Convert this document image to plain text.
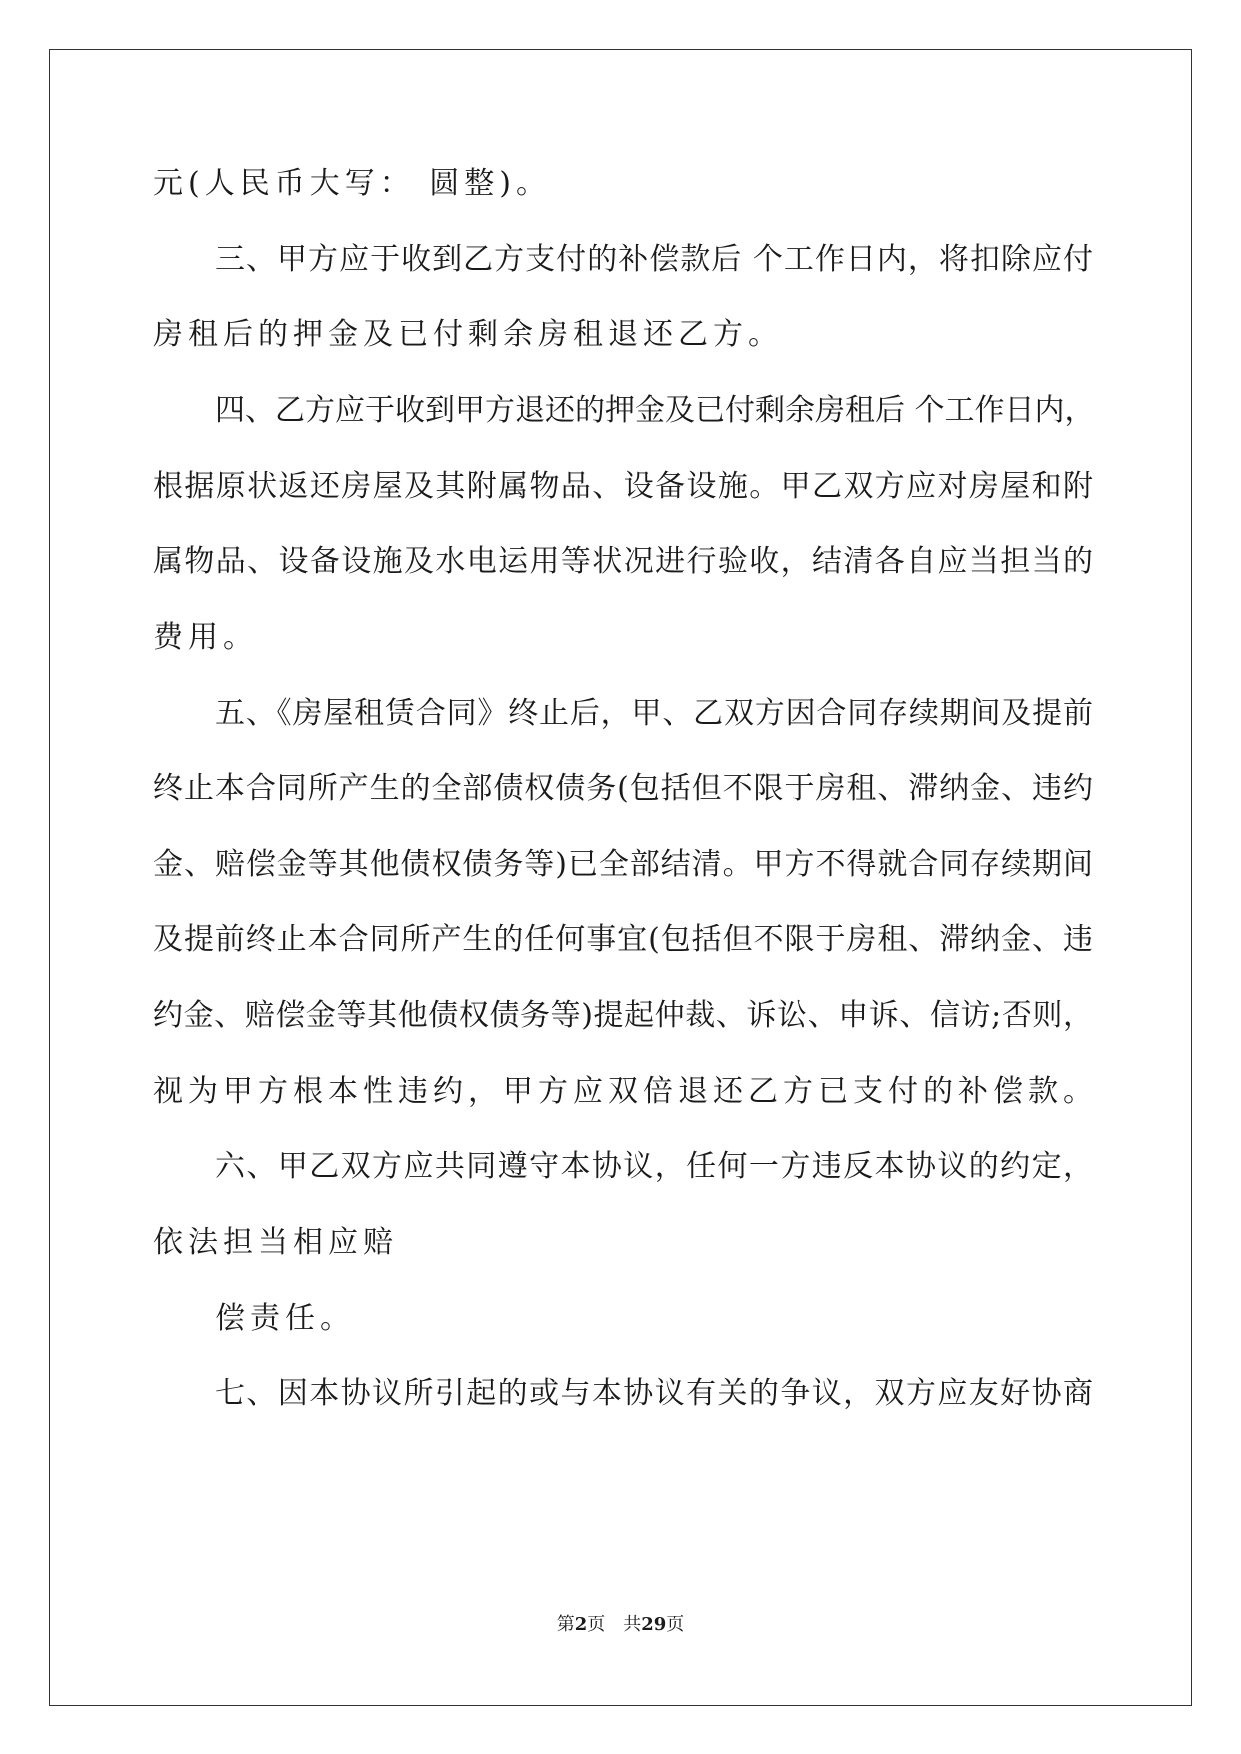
元(人民币大写： 圆整)。
三、甲方应于收到乙方支付的补偿款后 个工作日内，将扣除应付
房租后的押金及已付剩余房租退还乙方。
四、乙方应于收到甲方退还的押金及已付剩余房租后 个工作日内，
根据原状返还房屋及其附属物品、设备设施。甲乙双方应对房屋和附
属物品、设备设施及水电运用等状况进行验收，结清各自应当担当的
费用。
五、《房屋租赁合同》终止后，甲、乙双方因合同存续期间及提前
终止本合同所产生的全部债权债务(包括但不限于房租、滞纳金、违约
金、赔偿金等其他债权债务等)已全部结清。甲方不得就合同存续期间
及提前终止本合同所产生的任何事宜(包括但不限于房租、滞纳金、违
约金、赔偿金等其他债权债务等)提起仲裁、诉讼、申诉、信访;否则，
视为甲方根本性违约，甲方应双倍退还乙方已支付的补偿款。
六、甲乙双方应共同遵守本协议，任何一方违反本协议的约定，
依法担当相应赔
偿责任。
七、因本协议所引起的或与本协议有关的争议，双方应友好协商
第2页　共29页
